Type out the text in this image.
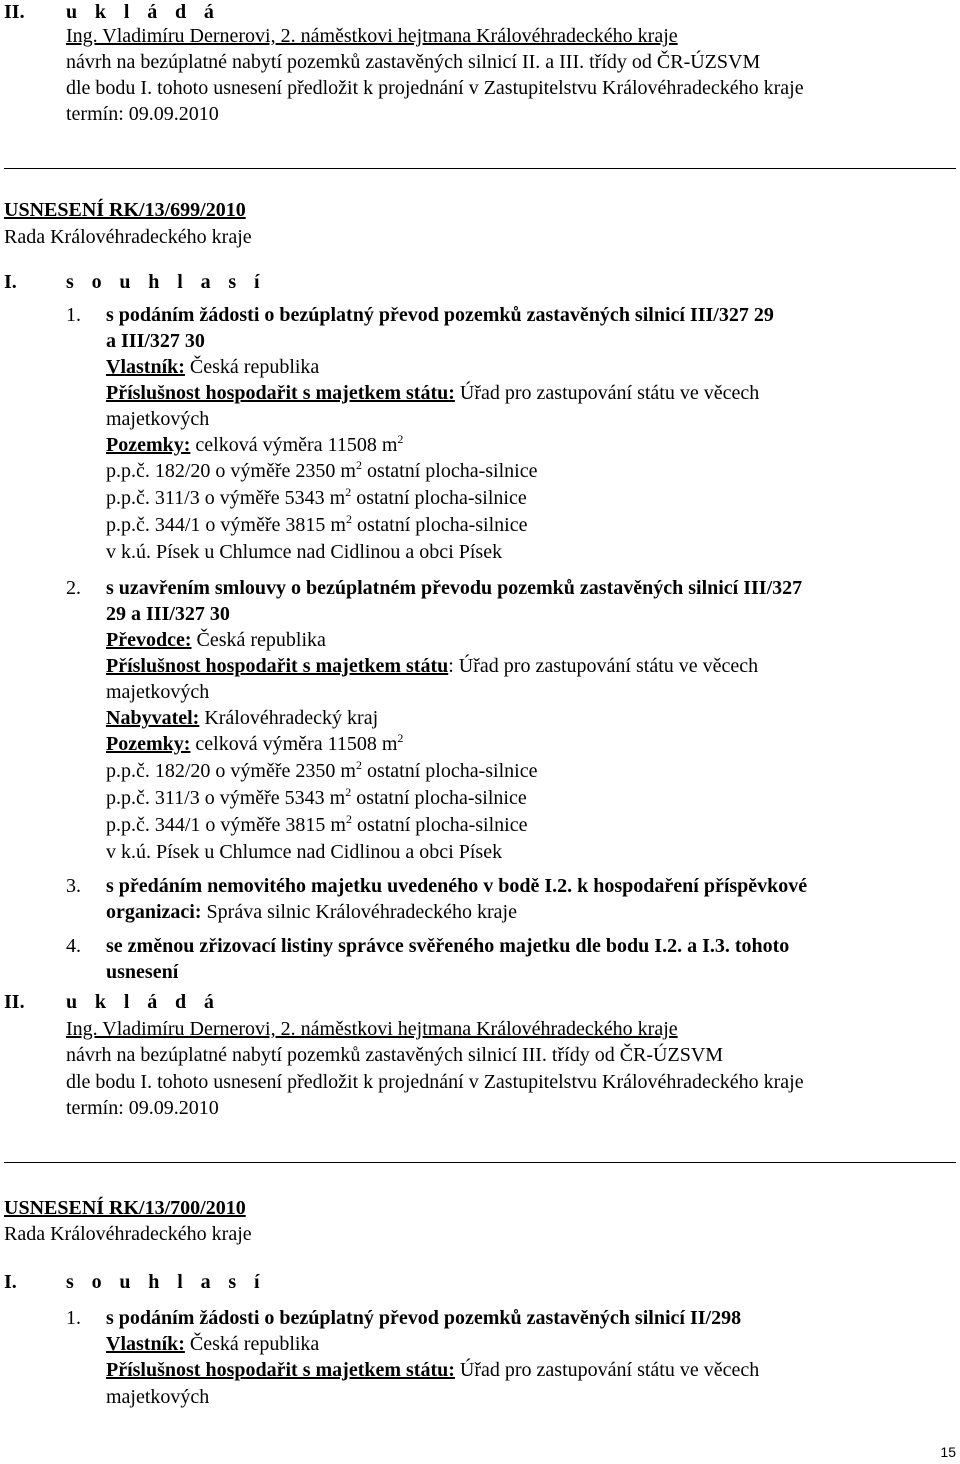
II. u k l á d á
Ing. Vladimíru Dernerovi, 2. náměstkovi hejtmana Královéhradeckého kraje
návrh na bezúplatné nabytí pozemků zastavěných silnicí II. a III. třídy od ČR-ÚZSVM
dle bodu I. tohoto usnesení předložit k projednání v Zastupitelstvu Královéhradeckého kraje
termín: 09.09.2010
USNESENÍ RK/13/699/2010
Rada Královéhradeckého kraje
I. s o u h l a s í
1. s podáním žádosti o bezúplatný převod pozemků zastavěných silnicí III/327 29
a III/327 30
Vlastník: Česká republika
Příslušnost hospodařit s majetkem státu: Úřad pro zastupování státu ve věcech
majetkových
Pozemky: celková výměra 11508 $m^2$
p.p.č. 182/20 o výměře 2350 $m^2$ ostatní plocha-silnice
p.p.č. 311/3 o výměře 5343 $m^2$ ostatní plocha-silnice
p.p.č. 344/1 o výměře 3815 $m^2$ ostatní plocha-silnice
v k.ú. Písek u Chlumce nad Cidlinou a obci Písek
2. s uzavřením smlouvy o bezúplatném převodu pozemků zastavěných silnicí III/327
29 a III/327 30
Převodce: Česká republika
Příslušnost hospodařit s majetkem státu: Úřad pro zastupování státu ve věcech
majetkových
Nabyvatel: Královéhradecký kraj
Pozemky: celková výměra 11508 $m^2$
p.p.č. 182/20 o výměře 2350 $m^2$ ostatní plocha-silnice
p.p.č. 311/3 o výměře 5343 $m^2$ ostatní plocha-silnice
p.p.č. 344/1 o výměře 3815 $m^2$ ostatní plocha-silnice
v k.ú. Písek u Chlumce nad Cidlinou a obci Písek
3. s předáním nemovitého majetku uvedeného v bodě I.2. k hospodaření příspěvkové
organizaci: Správa silnic Královéhradeckého kraje
4. se změnou zřizovací listiny správce svěřeného majetku dle bodu I.2. a I.3. tohoto
usnesení
II. u k l á d á
Ing. Vladimíru Dernerovi, 2. náměstkovi hejtmana Královéhradeckého kraje
návrh na bezúplatné nabytí pozemků zastavěných silnicí III. třídy od ČR-ÚZSVM
dle bodu I. tohoto usnesení předložit k projednání v Zastupitelstvu Královéhradeckého kraje
termín: 09.09.2010
USNESENÍ RK/13/700/2010
Rada Královéhradeckého kraje
I. s o u h l a s í
1. s podáním žádosti o bezúplatný převod pozemků zastavěných silnicí II/298
Vlastník: Česká republika
Příslušnost hospodařit s majetkem státu: Úřad pro zastupování státu ve věcech
majetkových
15
